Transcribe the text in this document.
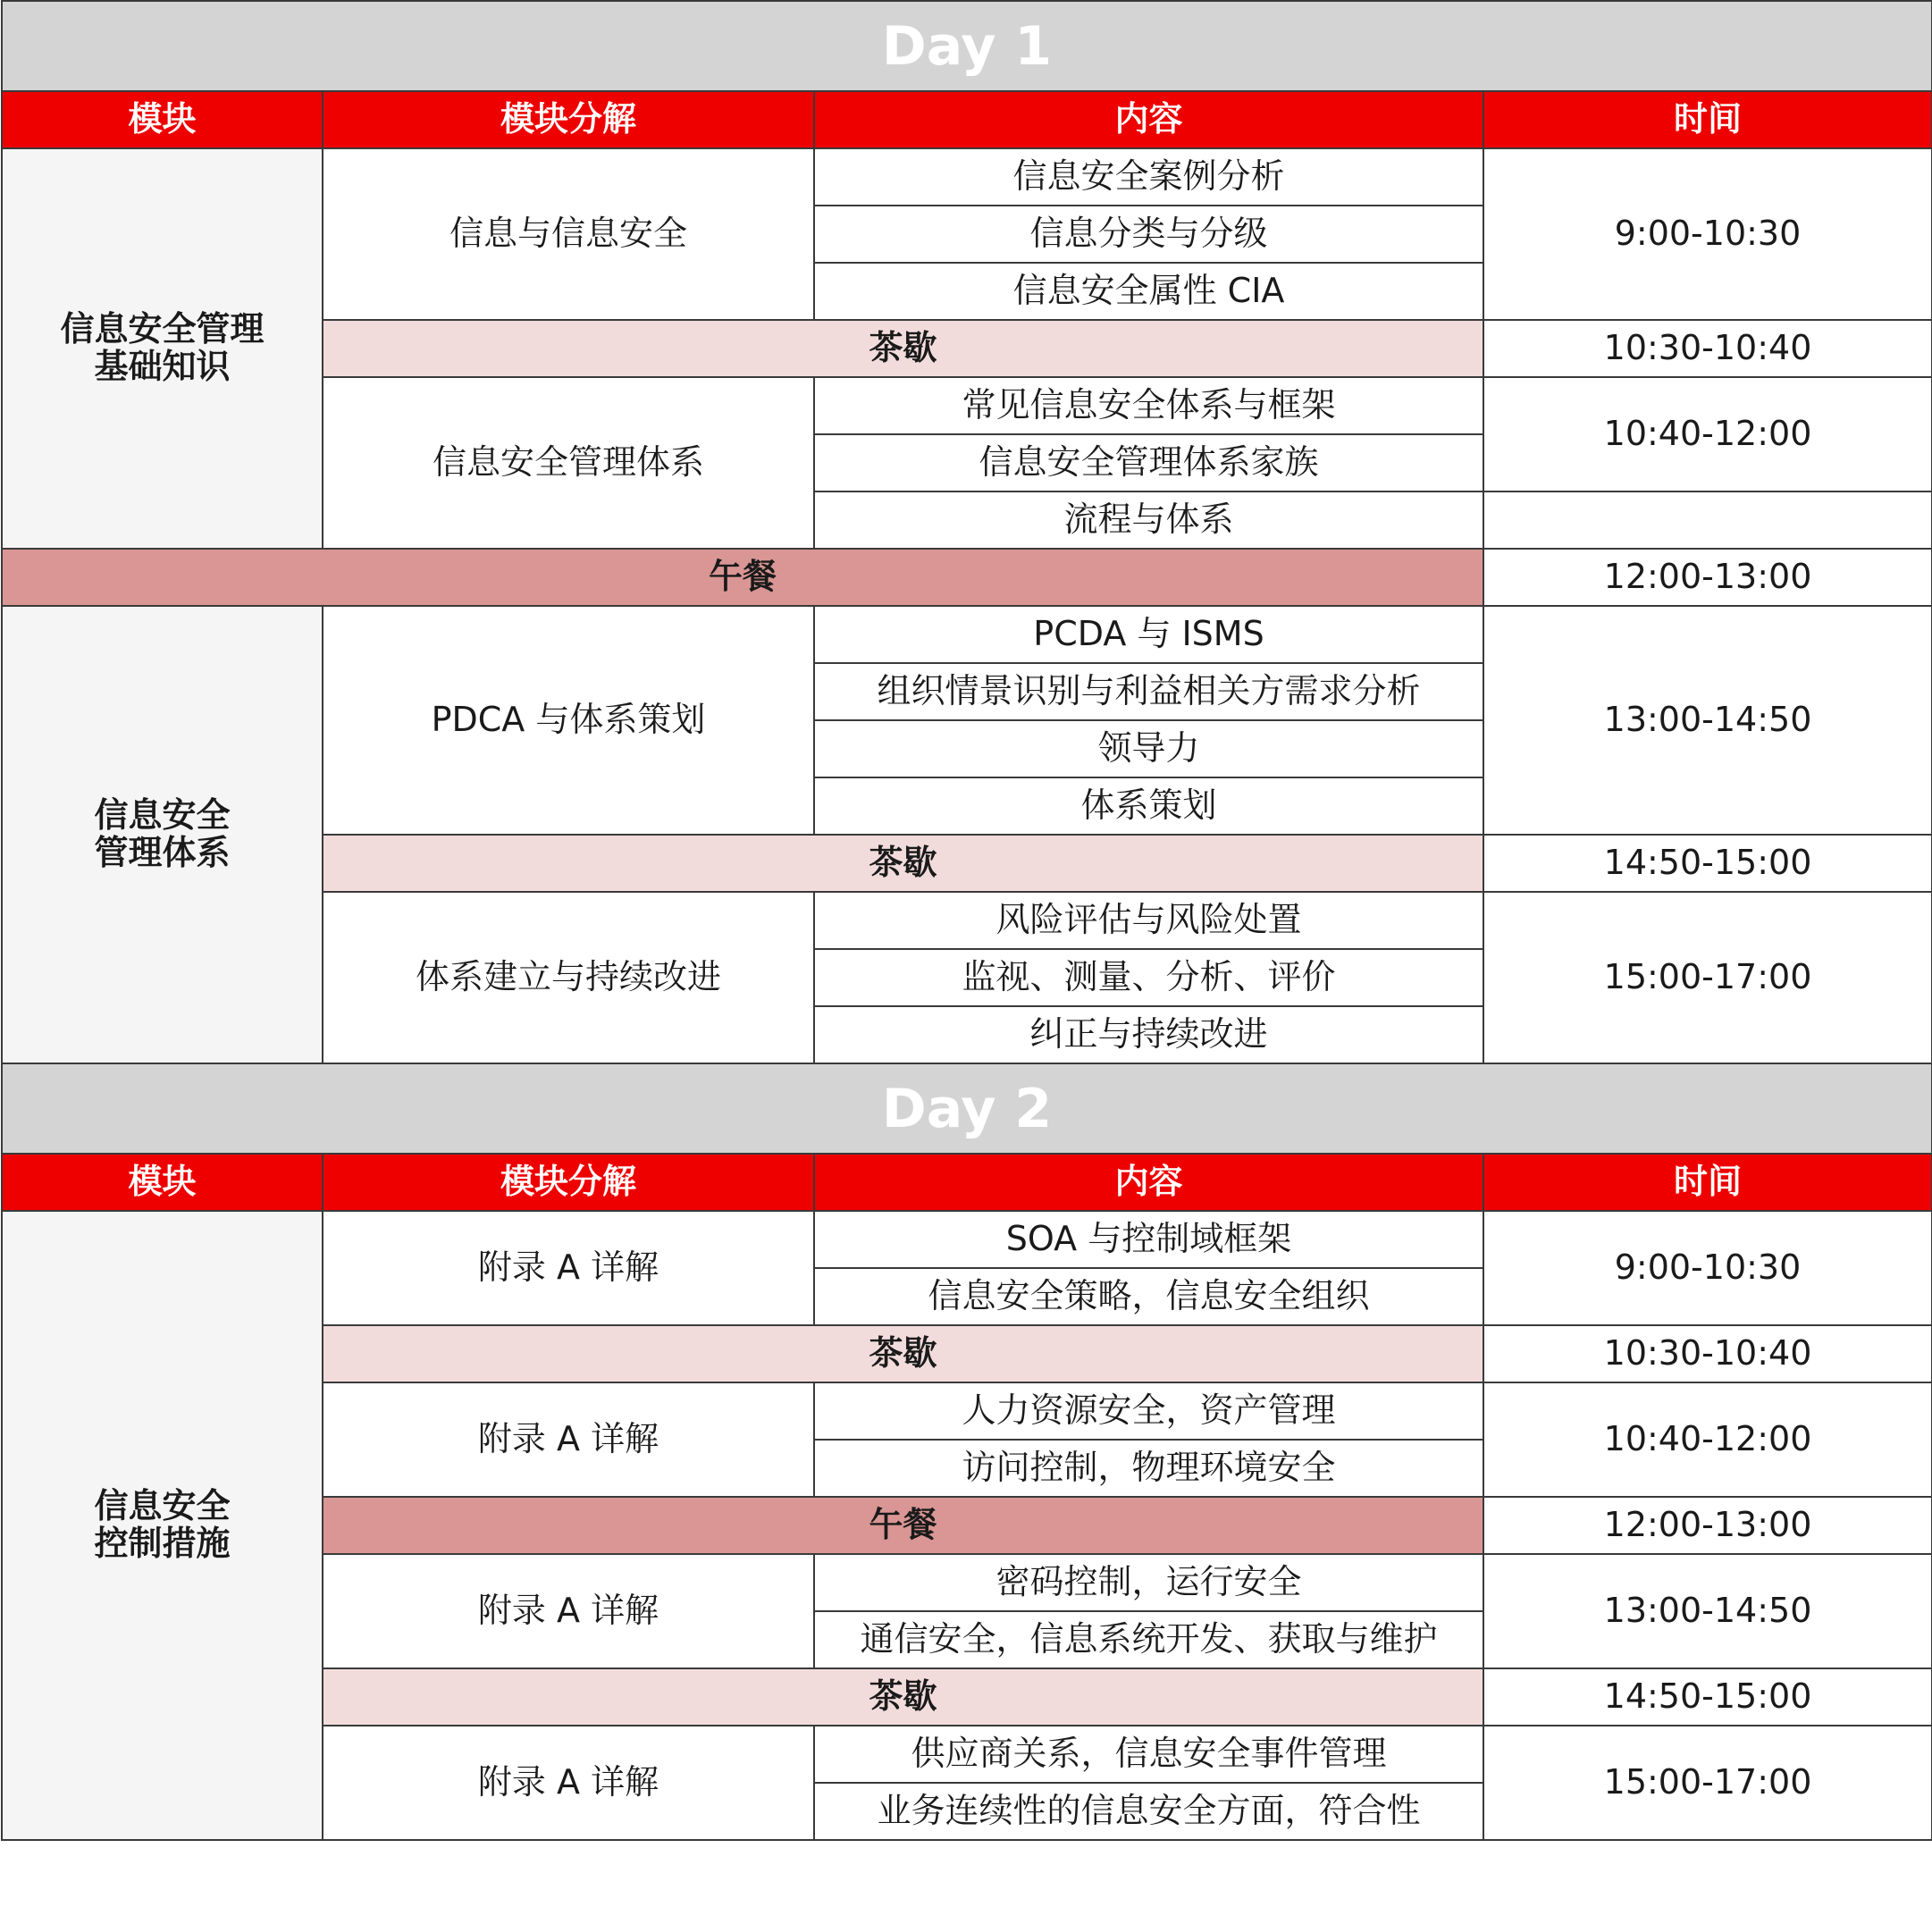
Day 1			
模块	模块分解	内容	时间

信息安全管理
基础知识	信息与信息安全	信息安全案例分析	9:00-10:30
		信息分类与分级	
		信息安全属性 CIA	
	茶歇		10:30-10:40
	信息安全管理体系	常见信息安全体系与框架	10:40-12:00
		信息安全管理体系家族	
		流程与体系	
午餐			12:00-13:00

信息安全
管理体系	PDCA 与体系策划	PCDA 与 ISMS	13:00-14:50
		组织情景识别与利益相关方需求分析	
		领导力	
		体系策划	
	茶歇		14:50-15:00
	体系建立与持续改进	风险评估与风险处置	15:00-17:00
		监视、测量、分析、评价	
		纠正与持续改进	
Day 2			
模块	模块分解	内容	时间

信息安全
控制措施	附录 A 详解	SOA 与控制域框架	9:00-10:30
		信息安全策略，信息安全组织	
	茶歇		10:30-10:40
	附录 A 详解	人力资源安全，资产管理	10:40-12:00
		访问控制，物理环境安全	
	午餐		12:00-13:00
	附录 A 详解	密码控制，运行安全	13:00-14:50
		通信安全，信息系统开发、获取与维护	
	茶歇		14:50-15:00
	附录 A 详解	供应商关系，信息安全事件管理	15:00-17:00
		业务连续性的信息安全方面，符合性	
